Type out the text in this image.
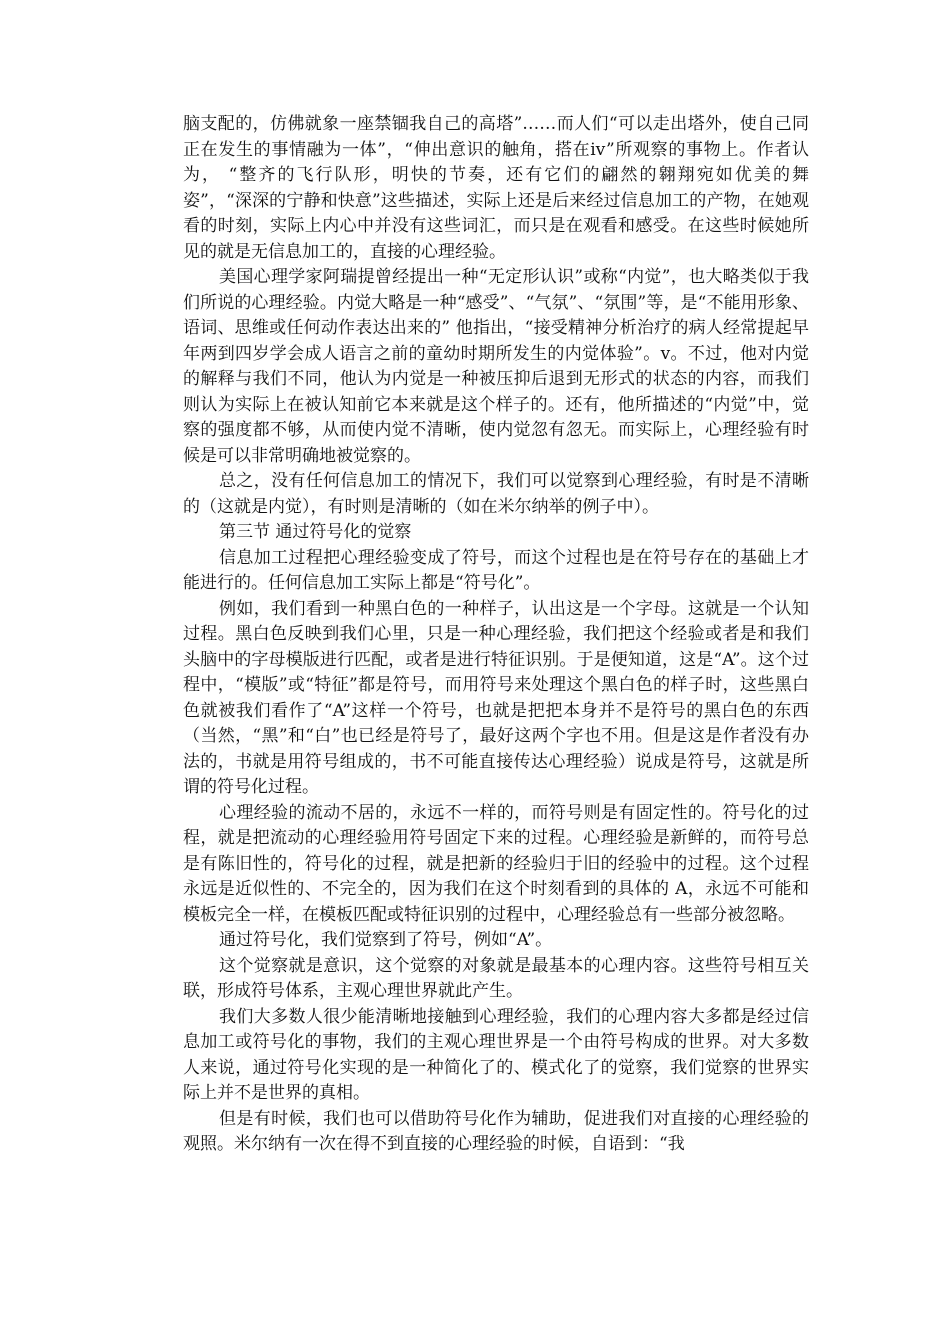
脑支配的，仿佛就象一座禁锢我自己的高塔”……而人们“可以走出塔外，使自己同正在发生的事情融为一体”，“伸出意识的触角，搭在ⅳ”所观察的事物上。作者认为， “整齐的飞行队形，明快的节奏，还有它们的翩然的翱翔宛如优美的舞姿”，“深深的宁静和快意”这些描述，实际上还是后来经过信息加工的产物，在她观看的时刻，实际上内心中并没有这些词汇，而只是在观看和感受。在这些时候她所见的就是无信息加工的，直接的心理经验。

美国心理学家阿瑞提曾经提出一种“无定形认识”或称“内觉”，也大略类似于我们所说的心理经验。内觉大略是一种“感受”、“气氛”、“氛围”等，是“不能用形象、语词、思维或任何动作表达出来的” 他指出，“接受精神分析治疗的病人经常提起早年两到四岁学会成人语言之前的童幼时期所发生的内觉体验”。ⅴ。不过，他对内觉的解释与我们不同，他认为内觉是一种被压抑后退到无形式的状态的内容，而我们则认为实际上在被认知前它本来就是这个样子的。还有，他所描述的“内觉”中，觉察的强度都不够，从而使内觉不清晰，使内觉忽有忽无。而实际上，心理经验有时候是可以非常明确地被觉察的。

总之，没有任何信息加工的情况下，我们可以觉察到心理经验，有时是不清晰的（这就是内觉），有时则是清晰的（如在米尔纳举的例子中）。

第三节 通过符号化的觉察

信息加工过程把心理经验变成了符号，而这个过程也是在符号存在的基础上才能进行的。任何信息加工实际上都是“符号化”。

例如，我们看到一种黑白色的一种样子，认出这是一个字母。这就是一个认知过程。黑白色反映到我们心里，只是一种心理经验，我们把这个经验或者是和我们头脑中的字母模版进行匹配，或者是进行特征识别。于是便知道，这是“A”。这个过程中，“模版”或“特征”都是符号，而用符号来处理这个黑白色的样子时，这些黑白色就被我们看作了“A”这样一个符号，也就是把把本身并不是符号的黑白色的东西（当然，“黑”和“白”也已经是符号了，最好这两个字也不用。但是这是作者没有办法的，书就是用符号组成的，书不可能直接传达心理经验）说成是符号，这就是所谓的符号化过程。

心理经验的流动不居的，永远不一样的，而符号则是有固定性的。符号化的过程，就是把流动的心理经验用符号固定下来的过程。心理经验是新鲜的，而符号总是有陈旧性的，符号化的过程，就是把新的经验归于旧的经验中的过程。这个过程永远是近似性的、不完全的，因为我们在这个时刻看到的具体的 A，永远不可能和模板完全一样，在模板匹配或特征识别的过程中，心理经验总有一些部分被忽略。

通过符号化，我们觉察到了符号，例如“A”。

这个觉察就是意识，这个觉察的对象就是最基本的心理内容。这些符号相互关联，形成符号体系，主观心理世界就此产生。

我们大多数人很少能清晰地接触到心理经验，我们的心理内容大多都是经过信息加工或符号化的事物，我们的主观心理世界是一个由符号构成的世界。对大多数人来说，通过符号化实现的是一种简化了的、模式化了的觉察，我们觉察的世界实际上并不是世界的真相。

但是有时候，我们也可以借助符号化作为辅助，促进我们对直接的心理经验的观照。米尔纳有一次在得不到直接的心理经验的时候，自语到：“我
